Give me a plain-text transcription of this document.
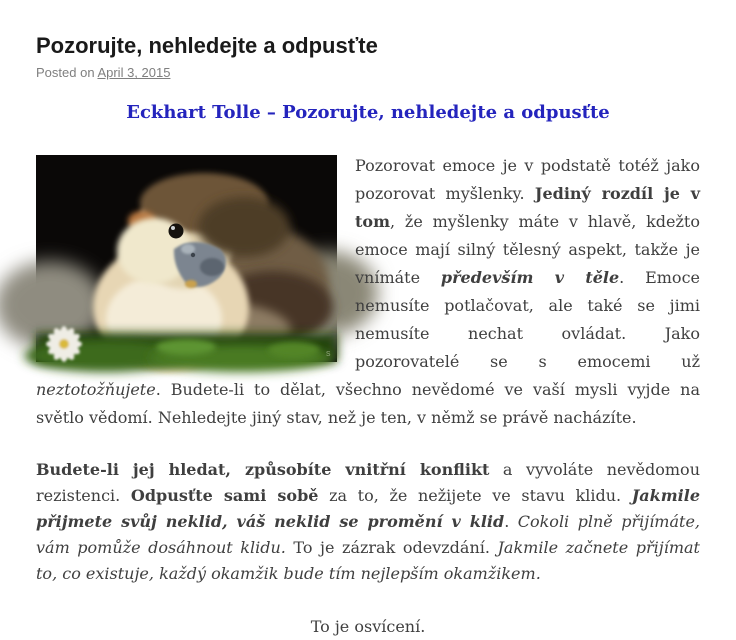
Pozorujte, nehledejte a odpusťte

Posted on April 3, 2015

Eckhart Tolle – Pozorujte, nehledejte a odpusťte
s

Pozorovat emoce je v podstatě totéž jako pozorovat myšlenky. Jediný rozdíl je v tom, že myšlenky máte v hlavě, kdežto emoce mají silný tělesný aspekt, takže je vnímáte především v těle. Emoce nemusíte potlačovat, ale také se jimi nemusíte nechat ovládat. Jako pozorovatelé se s emocemi už neztotožňujete. Budete-li to dělat, všechno nevědomé ve vaší mysli vyjde na světlo vědomí. Nehledejte jiný stav, než je ten, v němž se právě nacházíte.

Budete-li jej hledat, způsobíte vnitřní konflikt a vyvoláte nevědomou rezistenci. Odpusťte sami sobě za to, že nežijete ve stavu klidu. Jakmile přijmete svůj neklid, váš neklid se promění v klid. Cokoli plně přijímáte, vám pomůže dosáhnout klidu. To je zázrak odevzdání. Jakmile začnete přijímat to, co existuje, každý okamžik bude tím nejlepším okamžikem.

To je osvícení.
